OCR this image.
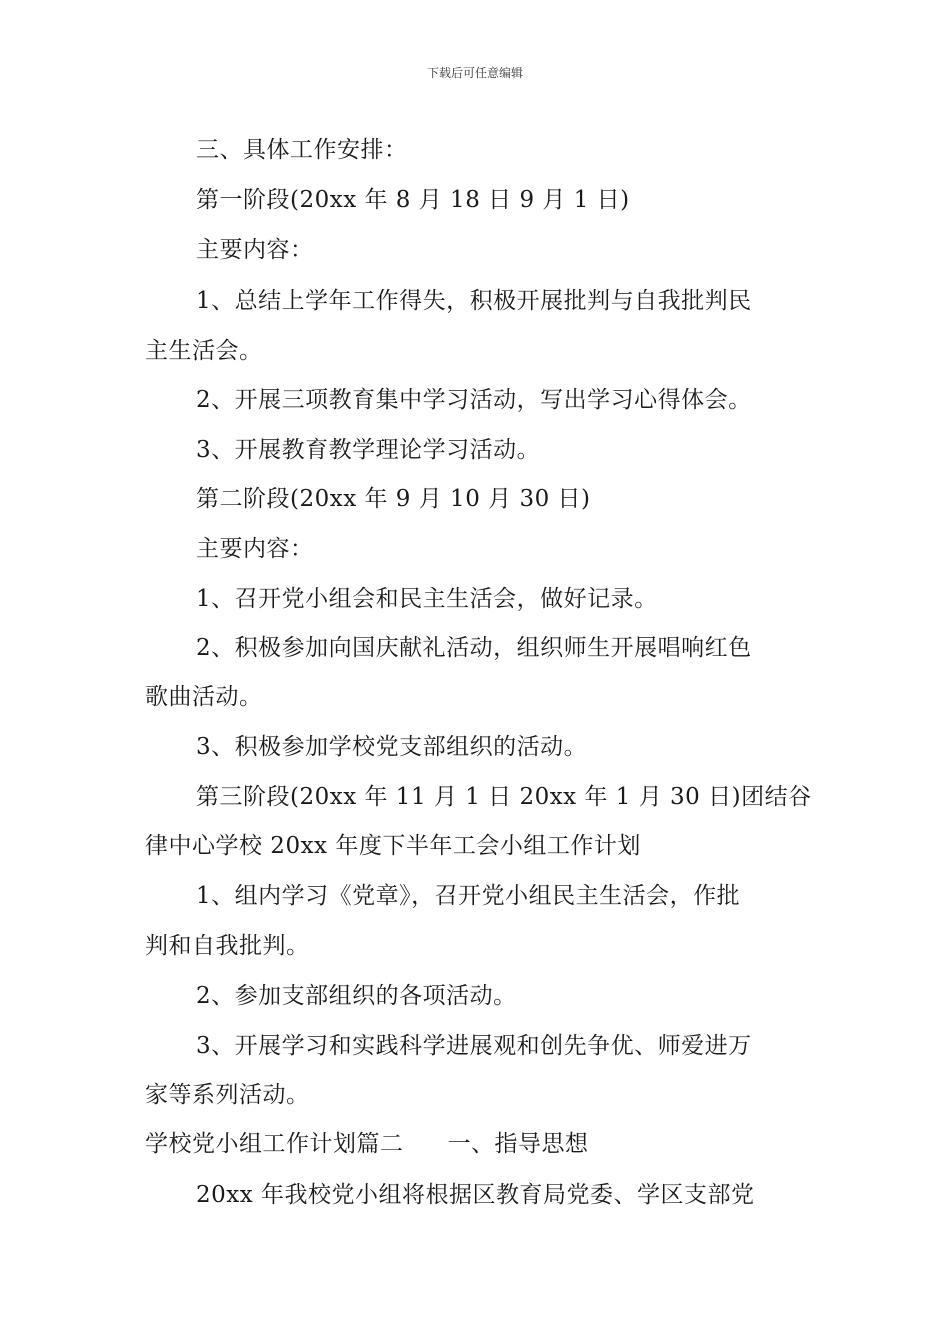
下载后可任意编辑
三、具体工作安排：
第一阶段(20xx 年 8 月 18 日 9 月 1 日)
主要内容：
1、总结上学年工作得失，积极开展批判与自我批判民
主生活会。
2、开展三项教育集中学习活动，写出学习心得体会。
3、开展教育教学理论学习活动。
第二阶段(20xx 年 9 月 10 月 30 日)
主要内容：
1、召开党小组会和民主生活会，做好记录。
2、积极参加向国庆献礼活动，组织师生开展唱响红色
歌曲活动。
3、积极参加学校党支部组织的活动。
第三阶段(20xx 年 11 月 1 日 20xx 年 1 月 30 日)团结谷
律中心学校 20xx 年度下半年工会小组工作计划
1、组内学习《党章》，召开党小组民主生活会，作批
判和自我批判。
2、参加支部组织的各项活动。
3、开展学习和实践科学进展观和创先争优、师爱进万
家等系列活动。
学校党小组工作计划篇二 一、指导思想
20xx 年我校党小组将根据区教育局党委、学区支部党
